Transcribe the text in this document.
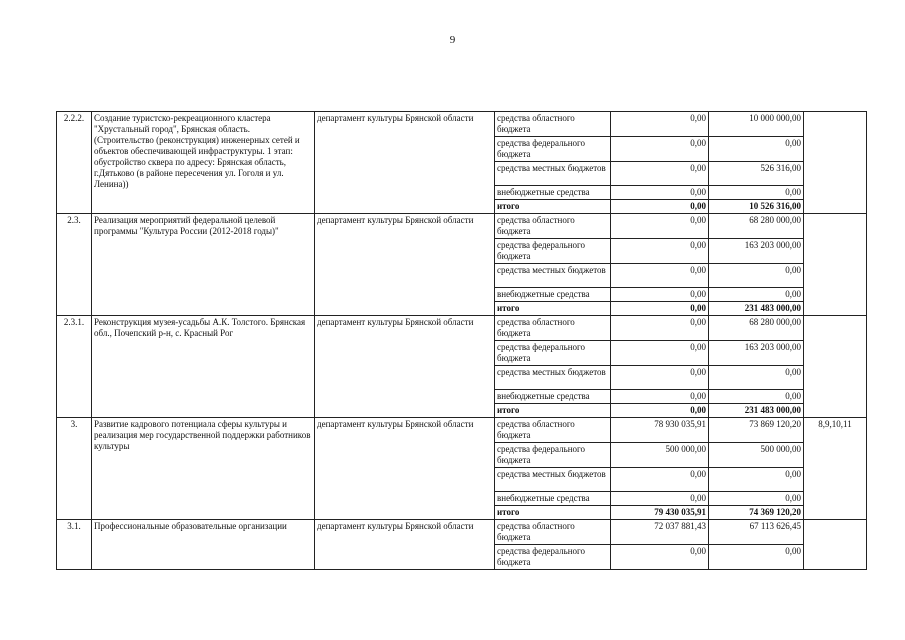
9
2.2.2.	Создание туристско-рекреационного кластера "Хрустальный город", Брянская область. (Строительство (реконструкция) инженерных сетей и объектов обеспечивающей инфраструктуры. 1 этап: обустройство сквера по адресу: Брянская область, г.Дятьково (в районе пересечения ул. Гоголя и ул. Ленина))	департамент культуры Брянской области	средства областного бюджета	0,00	10 000 000,00	
			средства федерального бюджета	0,00	0,00	
			средства местных бюджетов	0,00	526 316,00	
			внебюджетные средства	0,00	0,00	
			итого	0,00	10 526 316,00	
2.3.	Реализация мероприятий федеральной целевой программы "Культура России (2012-2018 годы)"	департамент культуры Брянской области	средства областного бюджета	0,00	68 280 000,00	
			средства федерального бюджета	0,00	163 203 000,00	
			средства местных бюджетов	0,00	0,00	
			внебюджетные средства	0,00	0,00	
			итого	0,00	231 483 000,00	
2.3.1.	Реконструкция музея-усадьбы А.К. Толстого. Брянская обл., Почепский р-н, с. Красный Рог	департамент культуры Брянской области	средства областного бюджета	0,00	68 280 000,00	
			средства федерального бюджета	0,00	163 203 000,00	
			средства местных бюджетов	0,00	0,00	
			внебюджетные средства	0,00	0,00	
			итого	0,00	231 483 000,00	
3.	Развитие кадрового потенциала сферы культуры и реализация мер государственной поддержки работников культуры	департамент культуры Брянской области	средства областного бюджета	78 930 035,91	73 869 120,20	8,9,10,11
			средства федерального бюджета	500 000,00	500 000,00	
			средства местных бюджетов	0,00	0,00	
			внебюджетные средства	0,00	0,00	
			итого	79 430 035,91	74 369 120,20	
3.1.	Профессиональные образовательные организации	департамент культуры Брянской области	средства областного бюджета	72 037 881,43	67 113 626,45	
			средства федерального бюджета	0,00	0,00	
